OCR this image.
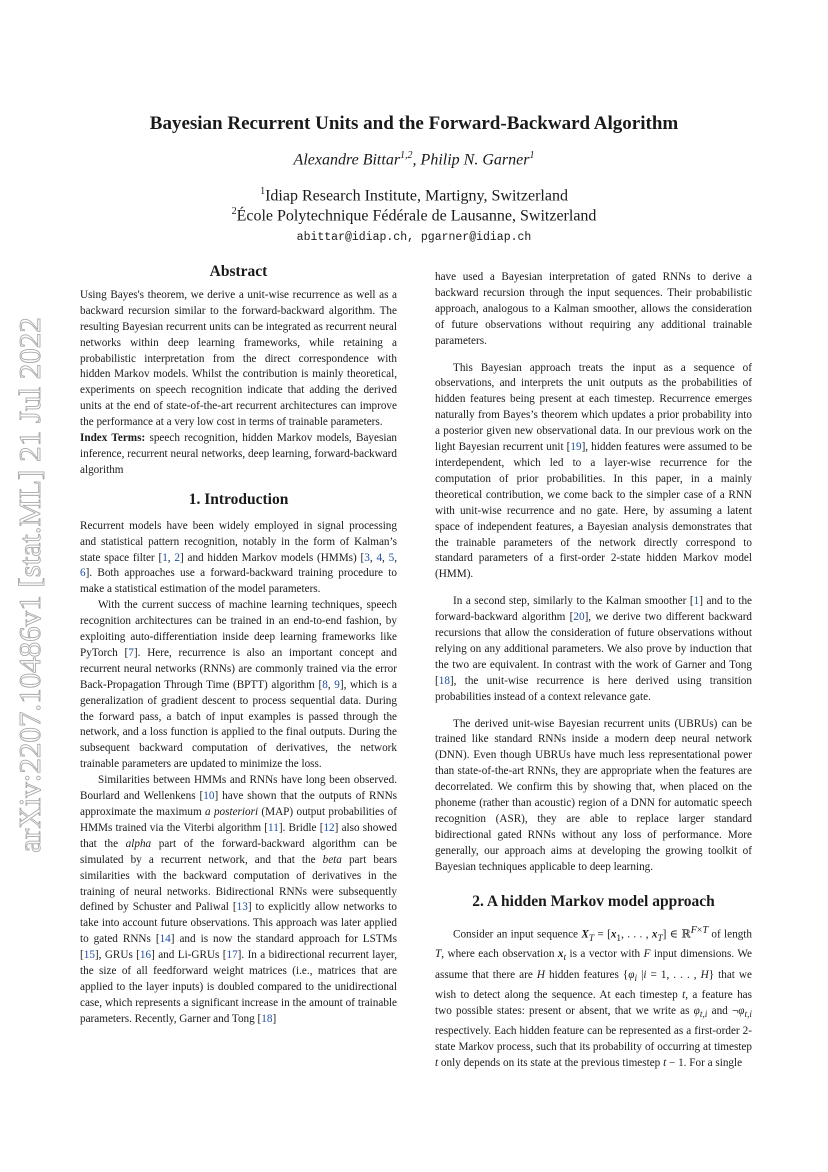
arXiv:2207.10486v1 [stat.ML] 21 Jul 2022
Bayesian Recurrent Units and the Forward-Backward Algorithm
Alexandre Bittar$^{1,2}$, Philip N. Garner$^1$
$^1$Idiap Research Institute, Martigny, Switzerland
$^2$École Polytechnique Fédérale de Lausanne, Switzerland
abittar@idiap.ch, pgarner@idiap.ch
Abstract

Using Bayes's theorem, we derive a unit-wise recurrence as well as a backward recursion similar to the forward-backward algorithm. The resulting Bayesian recurrent units can be integrated as recurrent neural networks within deep learning frameworks, while retaining a probabilistic interpretation from the direct correspondence with hidden Markov models. Whilst the contribution is mainly theoretical, experiments on speech recognition indicate that adding the derived units at the end of state-of-the-art recurrent architectures can improve the performance at a very low cost in terms of trainable parameters.

Index Terms: speech recognition, hidden Markov models, Bayesian inference, recurrent neural networks, deep learning, forward-backward algorithm

1. Introduction

Recurrent models have been widely employed in signal processing and statistical pattern recognition, notably in the form of Kalman’s state space filter [1, 2] and hidden Markov models (HMMs) [3, 4, 5, 6]. Both approaches use a forward-backward training procedure to make a statistical estimation of the model parameters.

With the current success of machine learning techniques, speech recognition architectures can be trained in an end-to-end fashion, by exploiting auto-differentiation inside deep learning frameworks like PyTorch [7]. Here, recurrence is also an important concept and recurrent neural networks (RNNs) are commonly trained via the error Back-Propagation Through Time (BPTT) algorithm [8, 9], which is a generalization of gradient descent to process sequential data. During the forward pass, a batch of input examples is passed through the network, and a loss function is applied to the final outputs. During the subsequent backward computation of derivatives, the network trainable parameters are updated to minimize the loss.

Similarities between HMMs and RNNs have long been observed. Bourlard and Wellenkens [10] have shown that the outputs of RNNs approximate the maximum a posteriori (MAP) output probabilities of HMMs trained via the Viterbi algorithm [11]. Bridle [12] also showed that the alpha part of the forward-backward algorithm can be simulated by a recurrent network, and that the beta part bears similarities with the backward computation of derivatives in the training of neural networks. Bidirectional RNNs were subsequently defined by Schuster and Paliwal [13] to explicitly allow networks to take into account future observations. This approach was later applied to gated RNNs [14] and is now the standard approach for LSTMs [15], GRUs [16] and Li-GRUs [17]. In a bidirectional recurrent layer, the size of all feedforward weight matrices (i.e., matrices that are applied to the layer inputs) is doubled compared to the unidirectional case, which represents a significant increase in the amount of trainable parameters. Recently, Garner and Tong [18]

have used a Bayesian interpretation of gated RNNs to derive a backward recursion through the input sequences. Their probabilistic approach, analogous to a Kalman smoother, allows the consideration of future observations without requiring any additional trainable parameters.

This Bayesian approach treats the input as a sequence of observations, and interprets the unit outputs as the probabilities of hidden features being present at each timestep. Recurrence emerges naturally from Bayes’s theorem which updates a prior probability into a posterior given new observational data. In our previous work on the light Bayesian recurrent unit [19], hidden features were assumed to be interdependent, which led to a layer-wise recurrence for the computation of prior probabilities. In this paper, in a mainly theoretical contribution, we come back to the simpler case of a RNN with unit-wise recurrence and no gate. Here, by assuming a latent space of independent features, a Bayesian analysis demonstrates that the trainable parameters of the network directly correspond to standard parameters of a first-order 2-state hidden Markov model (HMM).

In a second step, similarly to the Kalman smoother [1] and to the forward-backward algorithm [20], we derive two different backward recursions that allow the consideration of future observations without relying on any additional parameters. We also prove by induction that the two are equivalent. In contrast with the work of Garner and Tong [18], the unit-wise recurrence is here derived using transition probabilities instead of a context relevance gate.

The derived unit-wise Bayesian recurrent units (UBRUs) can be trained like standard RNNs inside a modern deep neural network (DNN). Even though UBRUs have much less representational power than state-of-the-art RNNs, they are appropriate when the features are decorrelated. We confirm this by showing that, when placed on the phoneme (rather than acoustic) region of a DNN for automatic speech recognition (ASR), they are able to replace larger standard bidirectional gated RNNs without any loss of performance. More generally, our approach aims at developing the growing toolkit of Bayesian techniques applicable to deep learning.

2. A hidden Markov model approach

Consider an input sequence $X_T = [x_1$, . . . , $x_T$] ∈ ℝ$^{F\times T}$ of length T, where each observation $x_t$ is a vector with F input dimensions. We assume that there are H hidden features {$\varphi_i$ |i = 1, . . . , H} that we wish to detect along the sequence. At each timestep t, a feature has two possible states: present or absent, that we write as $\varphi_{t,i}$ and $\neg\varphi_{t,i}$ respectively. Each hidden feature can be represented as a first-order 2-state Markov process, such that its probability of occurring at timestep t only depends on its state at the previous timestep t − 1. For a single
